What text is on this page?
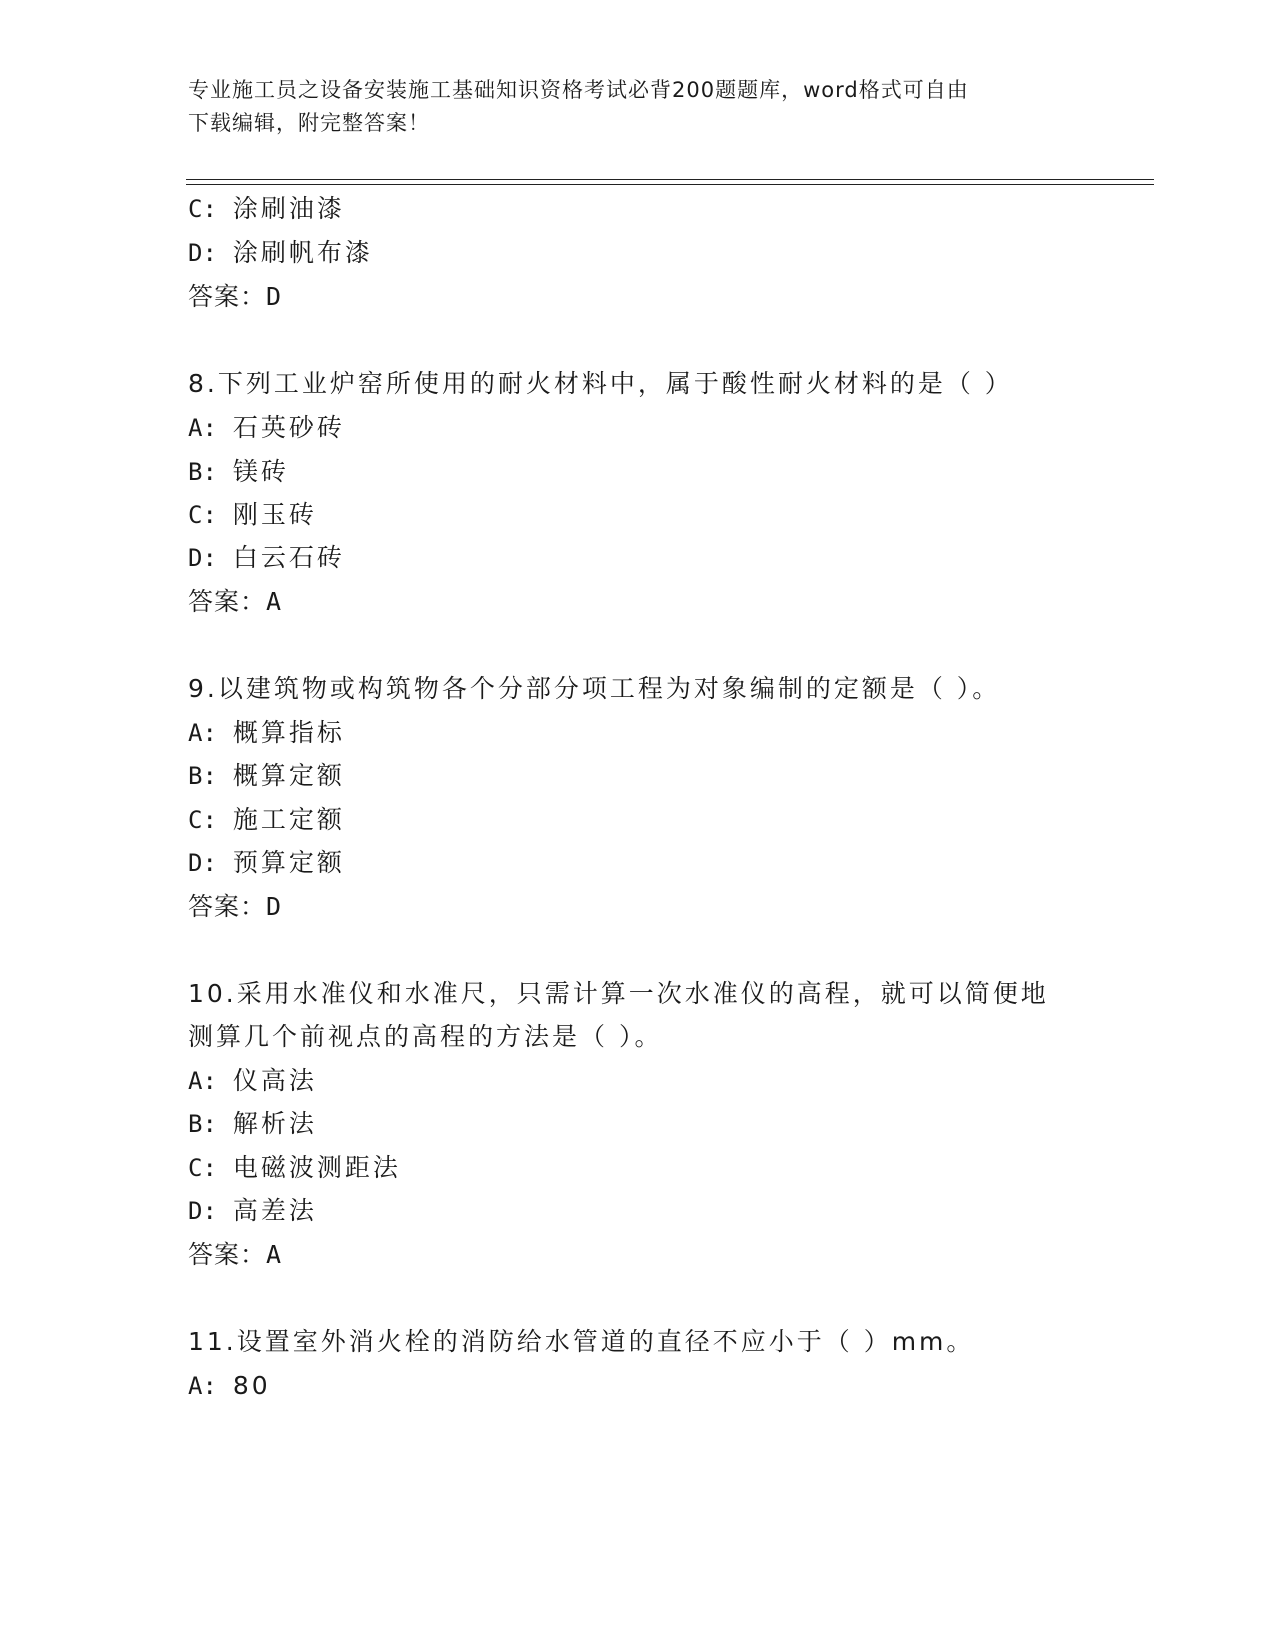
专业施工员之设备安装施工基础知识资格考试必背200题题库，word格式可自由
下载编辑，附完整答案！
C: 涂刷油漆
D: 涂刷帆布漆
答案：D
8.下列工业炉窑所使用的耐火材料中，属于酸性耐火材料的是（ ）
A: 石英砂砖
B: 镁砖
C: 刚玉砖
D: 白云石砖
答案：A
9.以建筑物或构筑物各个分部分项工程为对象编制的定额是（ ）。
A: 概算指标
B: 概算定额
C: 施工定额
D: 预算定额
答案：D
10.采用水准仪和水准尺，只需计算一次水准仪的高程，就可以简便地
测算几个前视点的高程的方法是（ ）。
A: 仪高法
B: 解析法
C: 电磁波测距法
D: 高差法
答案：A
11.设置室外消火栓的消防给水管道的直径不应小于（ ）mm。
A: 80
